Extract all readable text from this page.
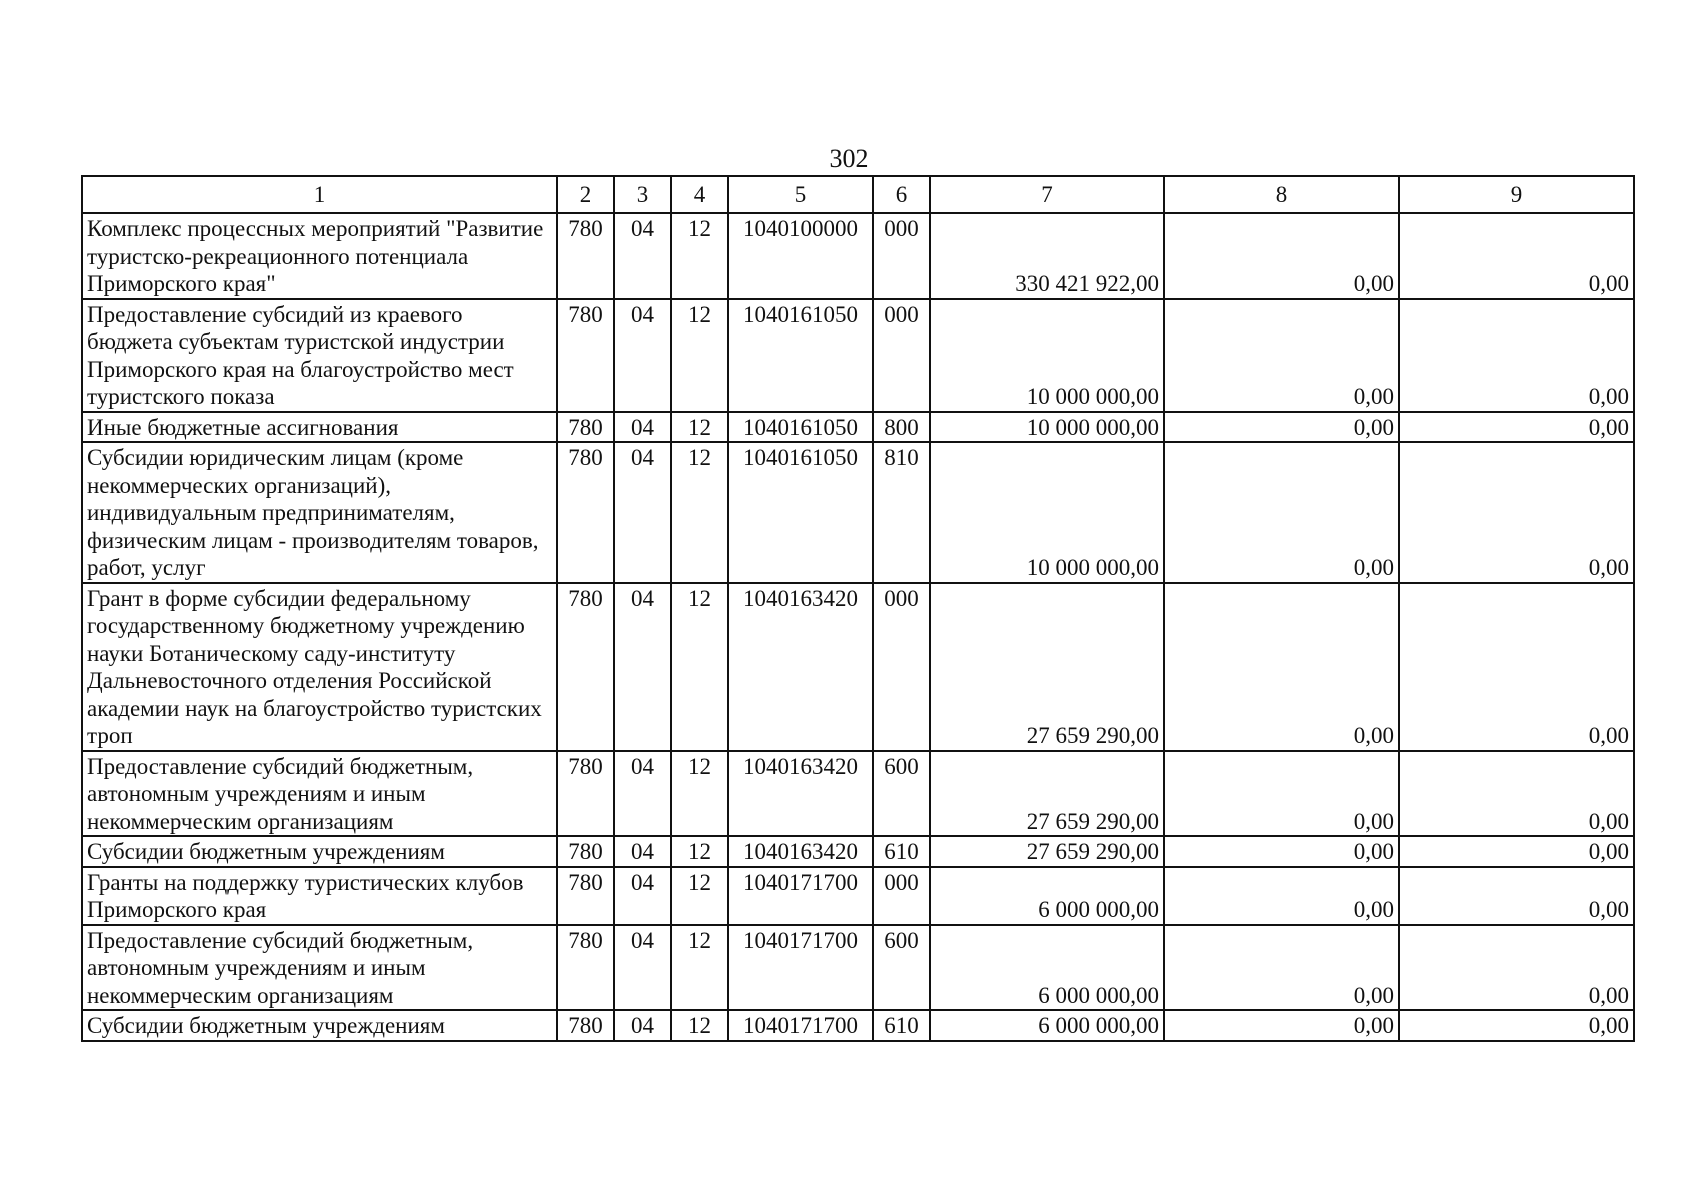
302
1	2	3	4	5	6	7	8	9
Комплекс процессных мероприятий "Развитие туристско-рекреационного потенциала Приморского края"	780	04	12	1040100000	000	330 421 922,00	0,00	0,00
Предоставление субсидий из краевого бюджета субъектам туристской индустрии Приморского края на благоустройство мест туристского показа	780	04	12	1040161050	000	10 000 000,00	0,00	0,00
Иные бюджетные ассигнования	780	04	12	1040161050	800	10 000 000,00	0,00	0,00
Субсидии юридическим лицам (кроме некоммерческих организаций), индивидуальным предпринимателям, физическим лицам - производителям товаров, работ, услуг	780	04	12	1040161050	810	10 000 000,00	0,00	0,00
Грант в форме субсидии федеральному государственному бюджетному учреждению науки Ботаническому саду-институту Дальневосточного отделения Российской академии наук на благоустройство туристских троп	780	04	12	1040163420	000	27 659 290,00	0,00	0,00
Предоставление субсидий бюджетным, автономным учреждениям и иным некоммерческим организациям	780	04	12	1040163420	600	27 659 290,00	0,00	0,00
Субсидии бюджетным учреждениям	780	04	12	1040163420	610	27 659 290,00	0,00	0,00
Гранты на поддержку туристических клубов Приморского края	780	04	12	1040171700	000	6 000 000,00	0,00	0,00
Предоставление субсидий бюджетным, автономным учреждениям и иным некоммерческим организациям	780	04	12	1040171700	600	6 000 000,00	0,00	0,00
Субсидии бюджетным учреждениям	780	04	12	1040171700	610	6 000 000,00	0,00	0,00
